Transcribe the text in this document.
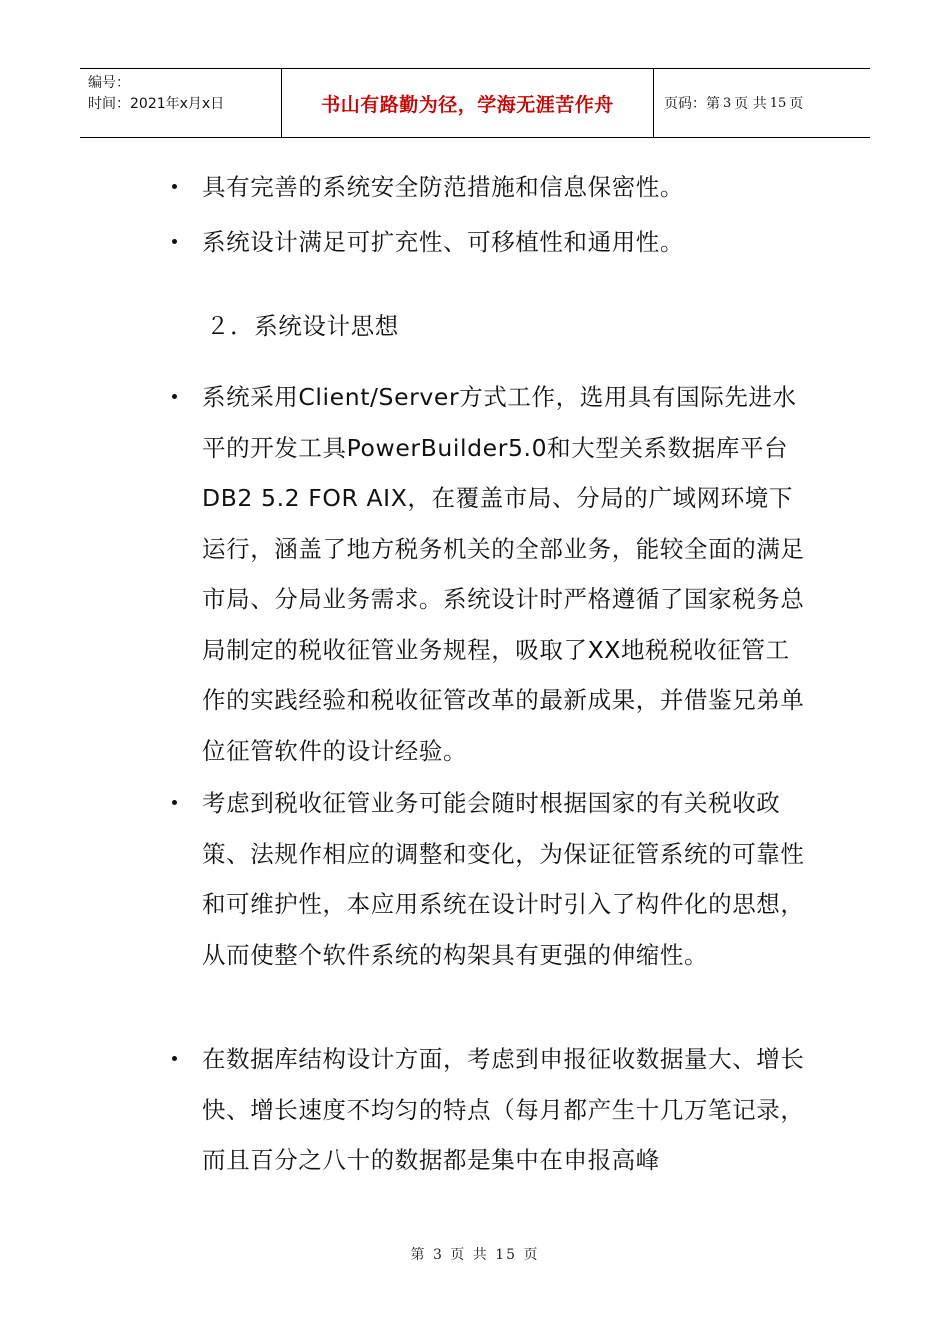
编号：
时间：2021年x月x日	书山有路勤为径，学海无涯苦作舟	页码：第 3 页 共 15 页

具有完善的系统安全防范措施和信息保密性。

系统设计满足可扩充性、可移植性和通用性。

２．系统设计思想

系统采用Client/Server方式工作，选用具有国际先进水平的开发工具PowerBuilder5.0和大型关系数据库平台DB2 5.2 FOR AIX，在覆盖市局、分局的广域网环境下运行，涵盖了地方税务机关的全部业务，能较全面的满足市局、分局业务需求。系统设计时严格遵循了国家税务总局制定的税收征管业务规程，吸取了XX地税税收征管工作的实践经验和税收征管改革的最新成果，并借鉴兄弟单位征管软件的设计经验。

考虑到税收征管业务可能会随时根据国家的有关税收政策、法规作相应的调整和变化，为保证征管系统的可靠性和可维护性，本应用系统在设计时引入了构件化的思想，从而使整个软件系统的构架具有更强的伸缩性。

在数据库结构设计方面，考虑到申报征收数据量大、增长快、增长速度不均匀的特点（每月都产生十几万笔记录，而且百分之八十的数据都是集中在申报高峰

第 3 页 共 15 页
